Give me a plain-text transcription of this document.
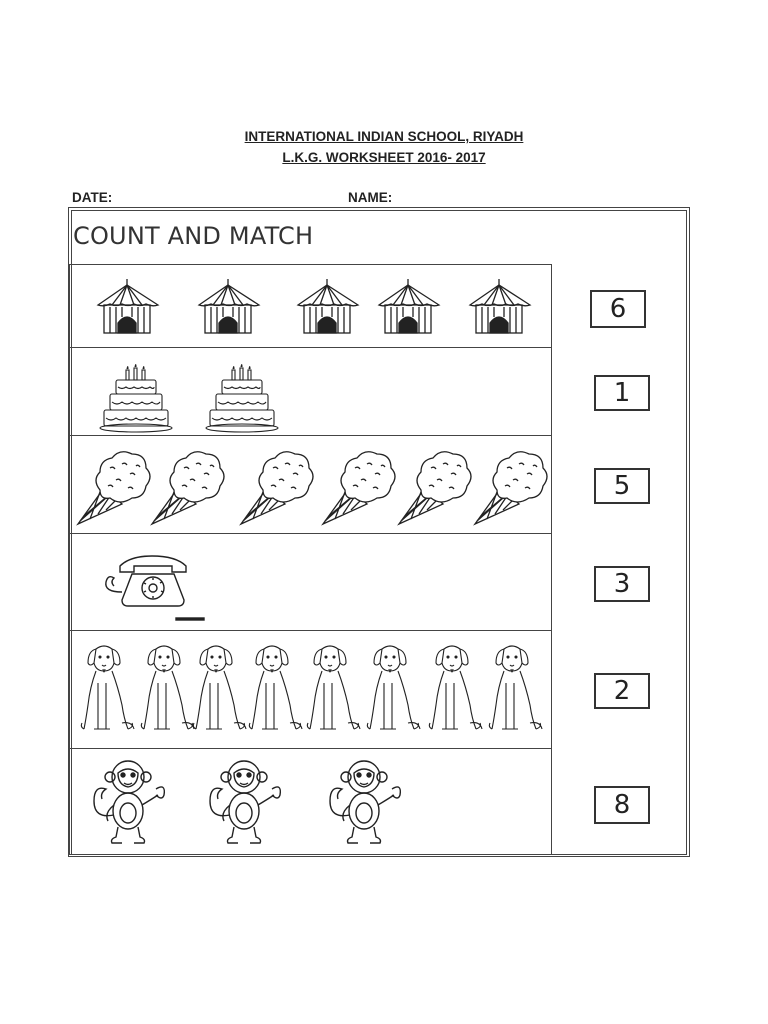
INTERNATIONAL INDIAN SCHOOL, RIYADH
L.K.G. WORKSHEET 2016- 2017
DATE:	NAME:
COUNT AND MATCH
6
1
5
3
2
8
